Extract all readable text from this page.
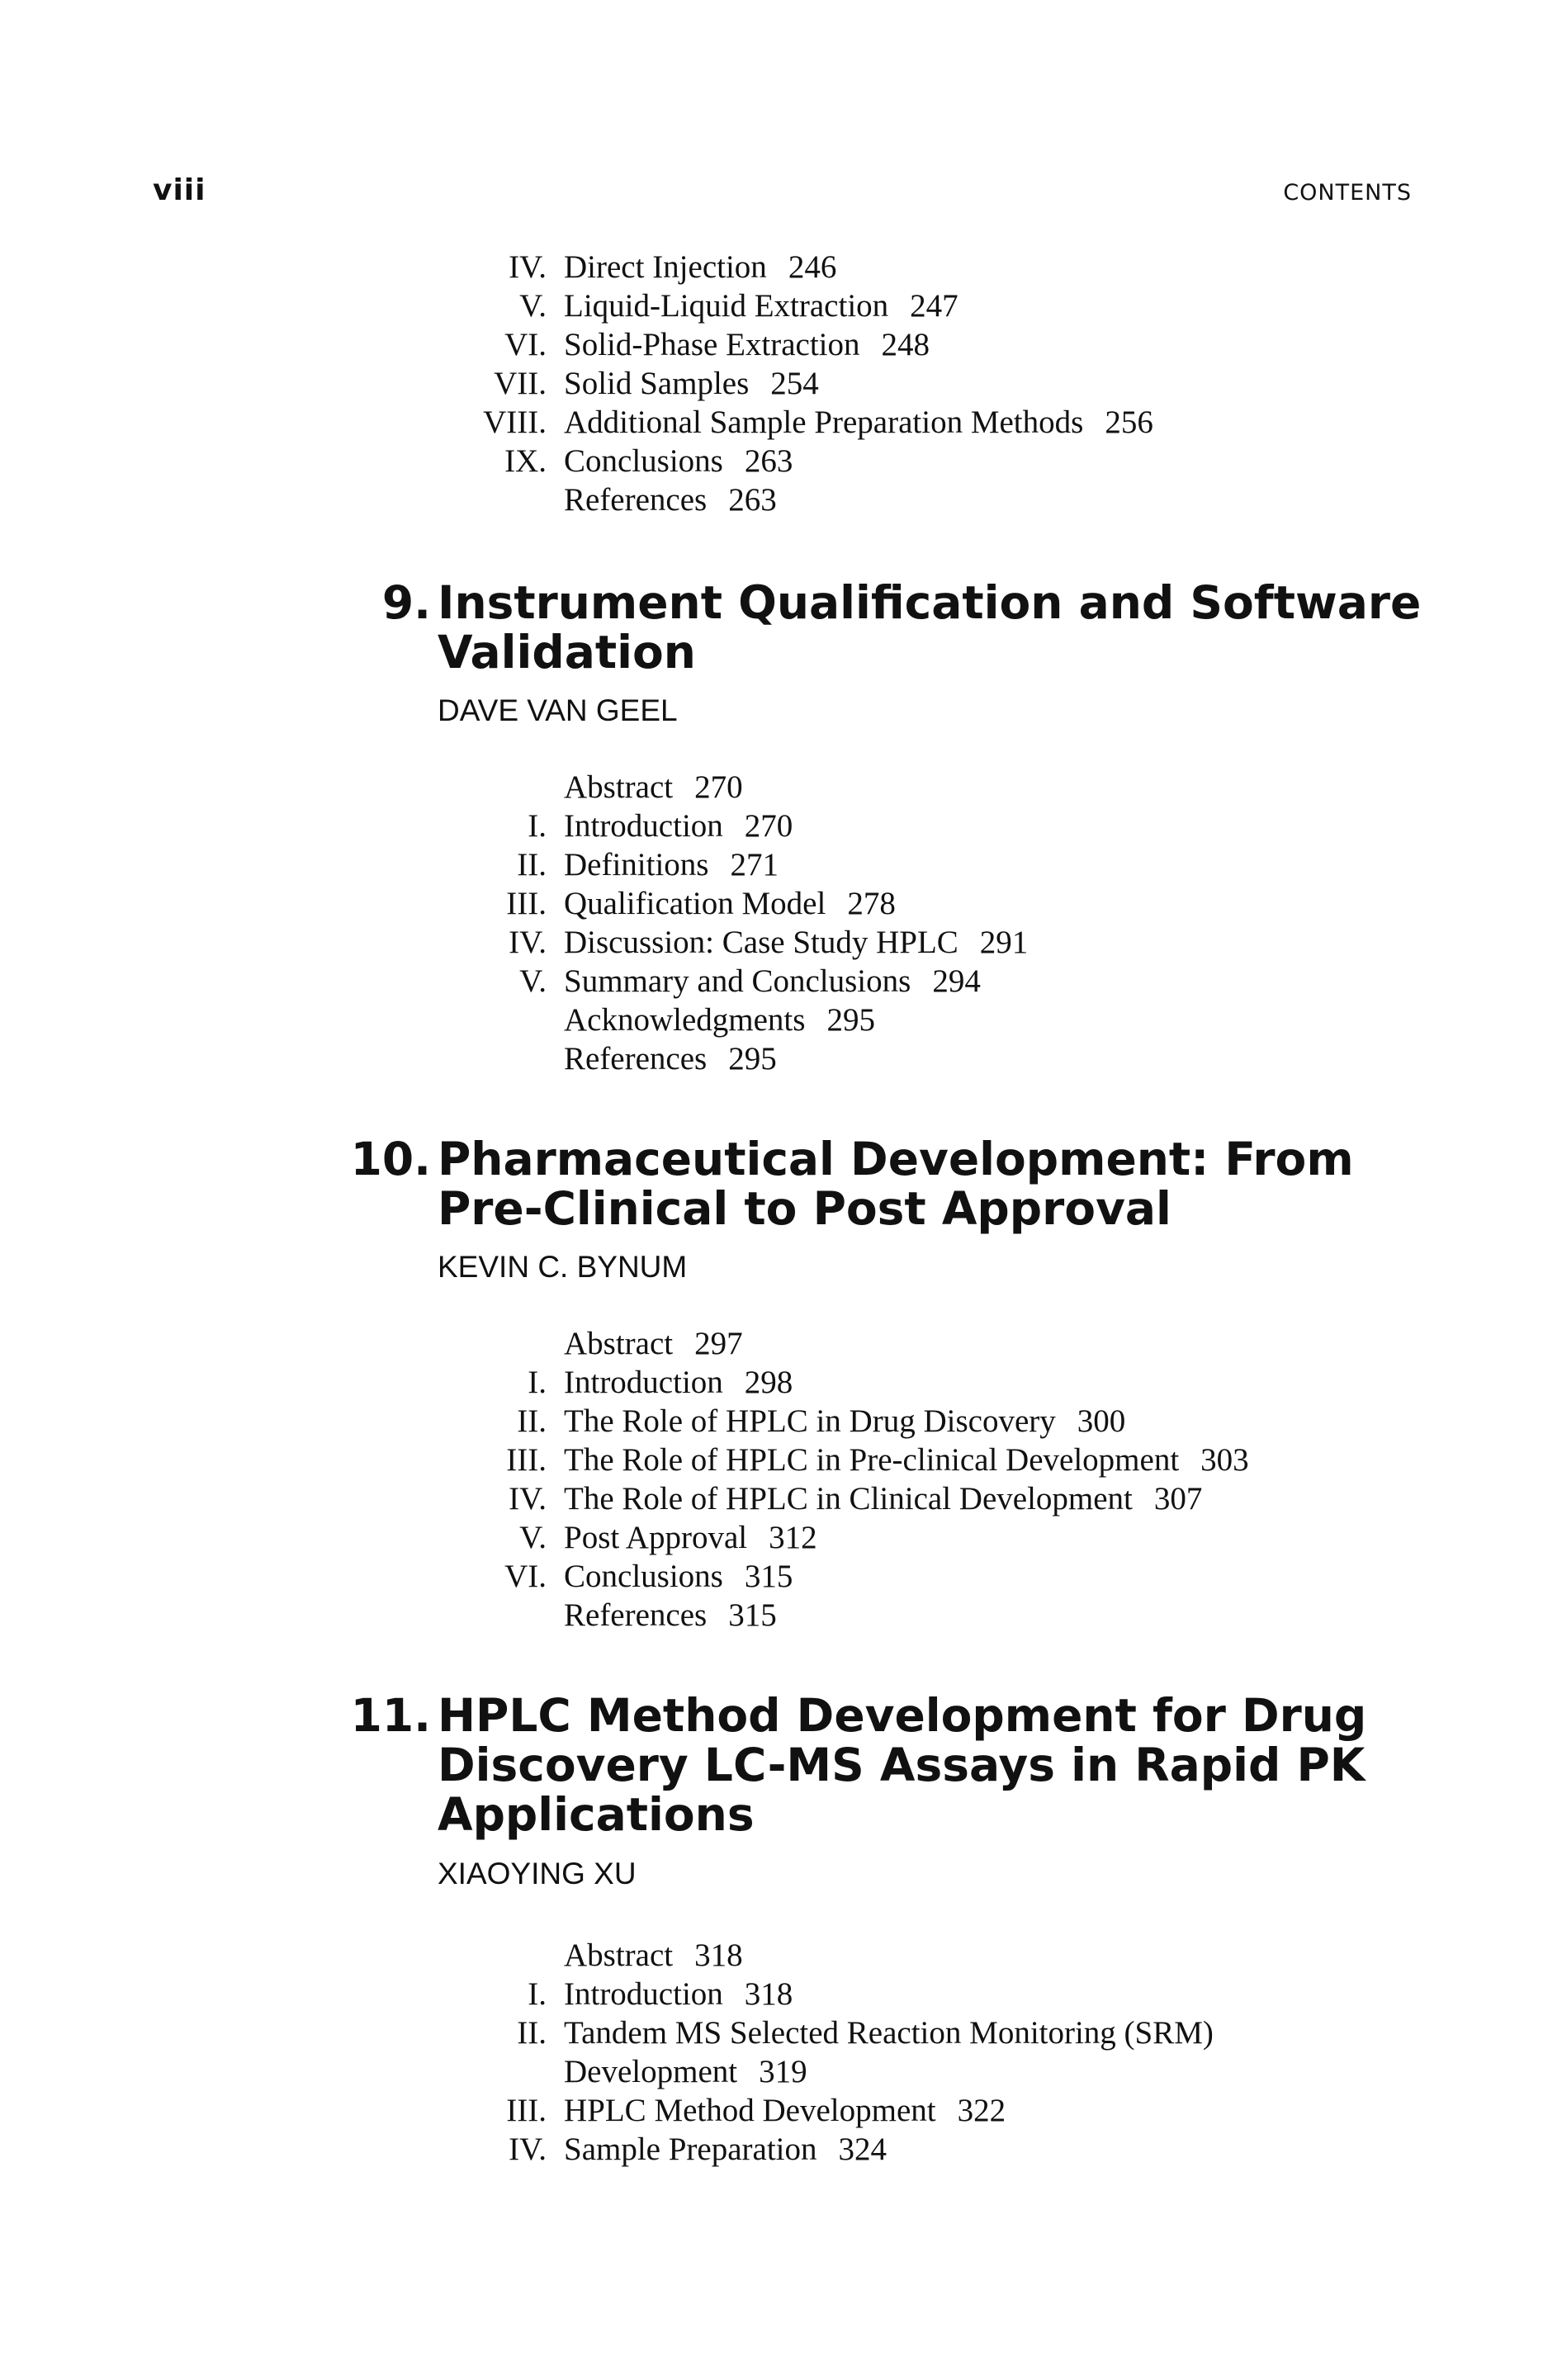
viii	CONTENTS
IV. Direct Injection 246
V. Liquid-Liquid Extraction 247
VI. Solid-Phase Extraction 248
VII. Solid Samples 254
VIII. Additional Sample Preparation Methods 256
IX. Conclusions 263
References 263
9. Instrument Qualification and Software
Validation
DAVE VAN GEEL
Abstract 270
I. Introduction 270
II. Definitions 271
III. Qualification Model 278
IV. Discussion: Case Study HPLC 291
V. Summary and Conclusions 294
Acknowledgments 295
References 295
10. Pharmaceutical Development: From
Pre-Clinical to Post Approval
KEVIN C. BYNUM
Abstract 297
I. Introduction 298
II. The Role of HPLC in Drug Discovery 300
III. The Role of HPLC in Pre-clinical Development 303
IV. The Role of HPLC in Clinical Development 307
V. Post Approval 312
VI. Conclusions 315
References 315
11. HPLC Method Development for Drug
Discovery LC-MS Assays in Rapid PK
Applications
XIAOYING XU
Abstract 318
I. Introduction 318
II. Tandem MS Selected Reaction Monitoring (SRM)
Development 319
III. HPLC Method Development 322
IV. Sample Preparation 324
